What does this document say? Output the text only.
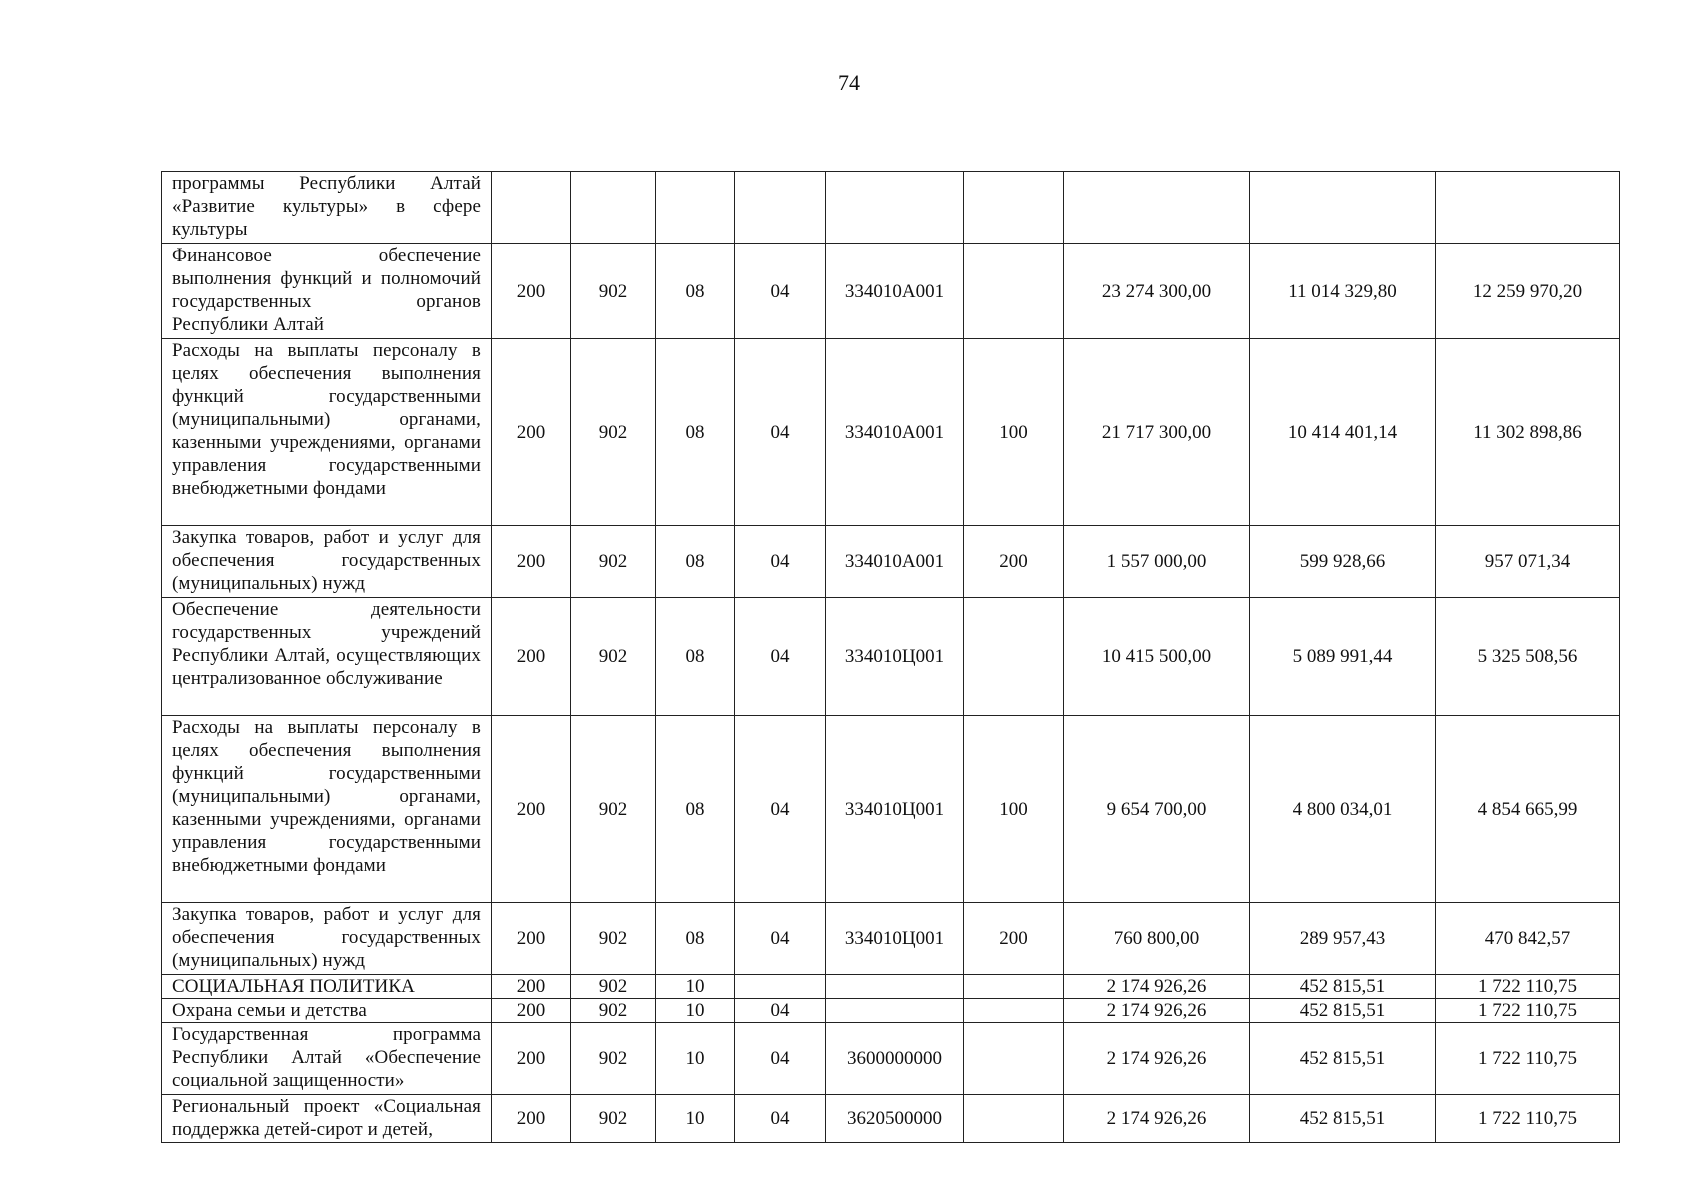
74
программы Республики Алтай «Развитие культуры» в сфере культуры									
Финансовое обеспечение выполнения функций и полномочий государственных органов Республики Алтай	200	902	08	04	334010А001		23 274 300,00	11 014 329,80	12 259 970,20
Расходы на выплаты персоналу в целях обеспечения выполнения функций государственными (муниципальными) органами, казенными учреждениями, органами управления государственными внебюджетными фондами	200	902	08	04	334010А001	100	21 717 300,00	10 414 401,14	11 302 898,86
Закупка товаров, работ и услуг для обеспечения государственных (муниципальных) нужд	200	902	08	04	334010А001	200	1 557 000,00	599 928,66	957 071,34
Обеспечение деятельности государственных учреждений Республики Алтай, осуществляющих централизованное обслуживание	200	902	08	04	334010Ц001		10 415 500,00	5 089 991,44	5 325 508,56
Расходы на выплаты персоналу в целях обеспечения выполнения функций государственными (муниципальными) органами, казенными учреждениями, органами управления государственными внебюджетными фондами	200	902	08	04	334010Ц001	100	9 654 700,00	4 800 034,01	4 854 665,99
Закупка товаров, работ и услуг для обеспечения государственных (муниципальных) нужд	200	902	08	04	334010Ц001	200	760 800,00	289 957,43	470 842,57
СОЦИАЛЬНАЯ ПОЛИТИКА	200	902	10				2 174 926,26	452 815,51	1 722 110,75
Охрана семьи и детства	200	902	10	04			2 174 926,26	452 815,51	1 722 110,75
Государственная программа Республики Алтай «Обеспечение социальной защищенности»	200	902	10	04	3600000000		2 174 926,26	452 815,51	1 722 110,75
Региональный проект «Социальная поддержка детей-сирот и детей,	200	902	10	04	3620500000		2 174 926,26	452 815,51	1 722 110,75
